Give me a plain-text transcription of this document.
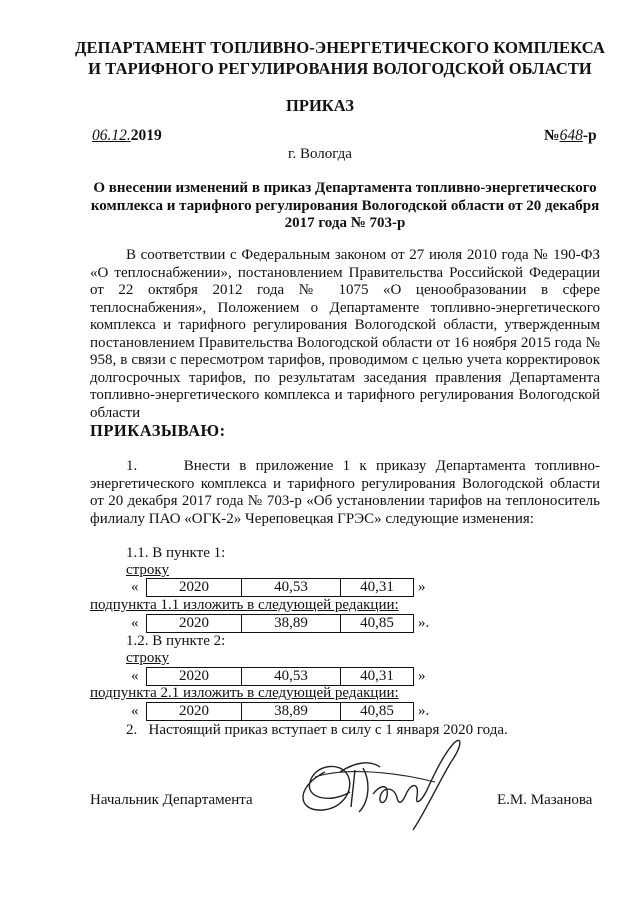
ДЕПАРТАМЕНТ ТОПЛИВНО-ЭНЕРГЕТИЧЕСКОГО КОМПЛЕКСА
И ТАРИФНОГО РЕГУЛИРОВАНИЯ ВОЛОГОДСКОЙ ОБЛАСТИ
ПРИКАЗ
06.12.2019	№648-р
г. Вологда
О внесении изменений в приказ Департамента топливно-энергетического комплекса и тарифного регулирования Вологодской области от 20 декабря 2017 года № 703-р
В соответствии с Федеральным законом от 27 июля 2010 года № 190-ФЗ «О теплоснабжении», постановлением Правительства Российской Федерации от 22 октября 2012 года № 1075 «О ценообразовании в сфере теплоснабжения», Положением о Департаменте топливно-энергетического комплекса и тарифного регулирования Вологодской области, утвержденным постановлением Правительства Вологодской области от 16 ноября 2015 года № 958, в связи с пересмотром тарифов, проводимом с целью учета корректировок долгосрочных тарифов, по результатам заседания правления Департамента топливно-энергетического комплекса и тарифного регулирования Вологодской области
ПРИКАЗЫВАЮ:
1.     Внести в приложение 1 к приказу Департамента топливно-энергетического комплекса и тарифного регулирования Вологодской области от 20 декабря 2017 года № 703-р «Об установлении тарифов на теплоноситель филиалу ПАО «ОГК-2» Череповецкая ГРЭС» следующие изменения:
1.1. В пункте 1:
строку
«	2020	40,53	40,31 »
подпункта 1.1 изложить в следующей редакции:
«	2020	38,89	40,85 ».
1.2. В пункте 2:
строку
«	2020	40,53	40,31 »
подпункта 2.1 изложить в следующей редакции:
«	2020	38,89	40,85 ».
2.   Настоящий приказ вступает в силу с 1 января 2020 года.
Начальник Департамента	Е.М. Мазанова
